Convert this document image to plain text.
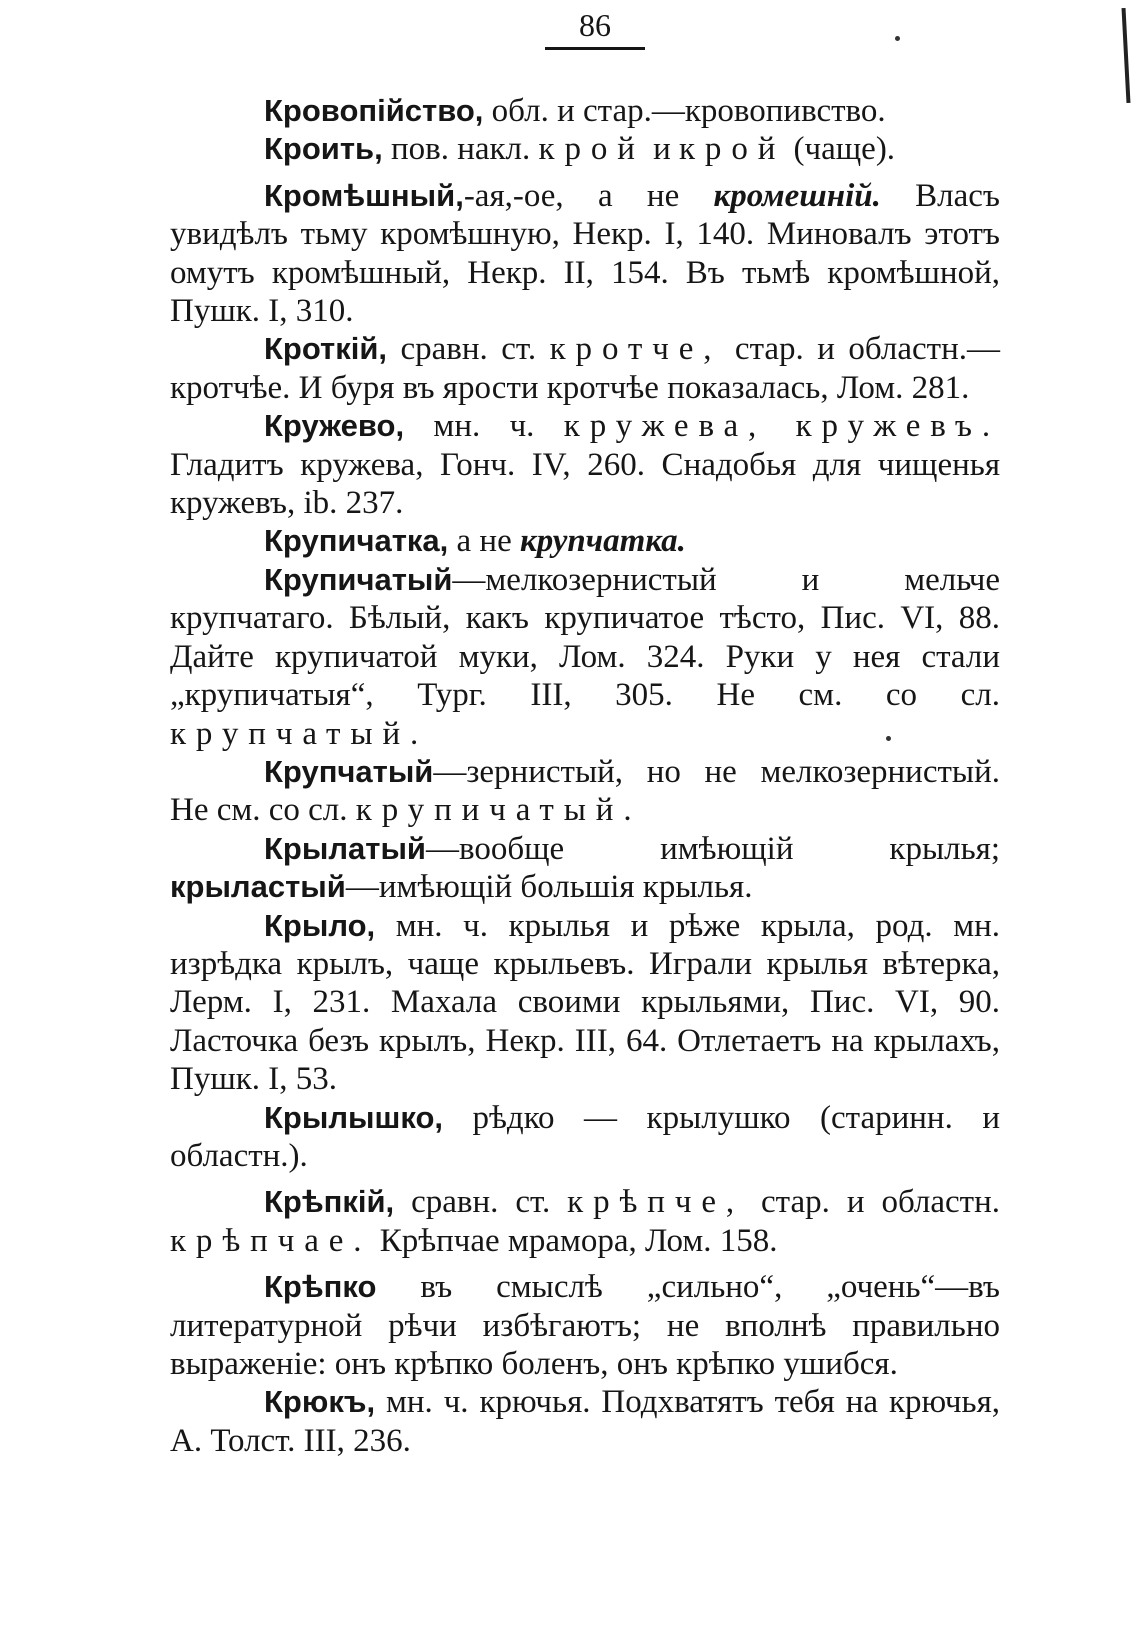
86

Кровопійство, обл. и стар.—кровопивство.

Кроить, пов. накл. крой и крой (чаще).

Кромѣшный,-ая,-ое, а не кромешній. Власъ увидѣлъ тьму кромѣшную, Некр. I, 140. Миновалъ этотъ омутъ кромѣшный, Некр. II, 154. Въ тьмѣ кромѣшной, Пушк. I, 310.

Кроткій, сравн. ст. кротче, стар. и областн.—кротчѣе. И буря въ ярости кротчѣе показалась, Лом. 281.

Кружево, мн. ч. кружева, кружевъ. Гладитъ кружева, Гонч. IV, 260. Снадобья для чищенья кружевъ, ib. 237.

Крупичатка, а не крупчатка.

Крупичатый—мелкозернистый и мельче крупчатаго. Бѣлый, какъ крупичатое тѣсто, Пис. VI, 88. Дайте крупичатой муки, Лом. 324. Руки у нея стали „крупичатыя“, Тург. III, 305. Не см. со сл. крупчатый.

Крупчатый—зернистый, но не мелкозернистый. Не см. со сл. крупичатый.

Крылатый—вообще имѣющій крылья; крыластый—имѣющій большія крылья.

Крыло, мн. ч. крылья и рѣже крыла, род. мн. изрѣдка крылъ, чаще крыльевъ. Играли крылья вѣтерка, Лерм. I, 231. Махала своими крыльями, Пис. VI, 90. Ласточка безъ крылъ, Некр. III, 64. Отлетаетъ на крылахъ, Пушк. I, 53.

Крылышко, рѣдко — крылушко (старинн. и областн.).

Крѣпкій, сравн. ст. крѣпче, стар. и областн. крѣпчае. Крѣпчае мрамора, Лом. 158.

Крѣпко въ смыслѣ „сильно“, „очень“—въ литературной рѣчи избѣгаютъ; не вполнѣ правильно выраженіе: онъ крѣпко боленъ, онъ крѣпко ушибся.

Крюкъ, мн. ч. крючья. Подхватятъ тебя на крючья, А. Толст. III, 236.
